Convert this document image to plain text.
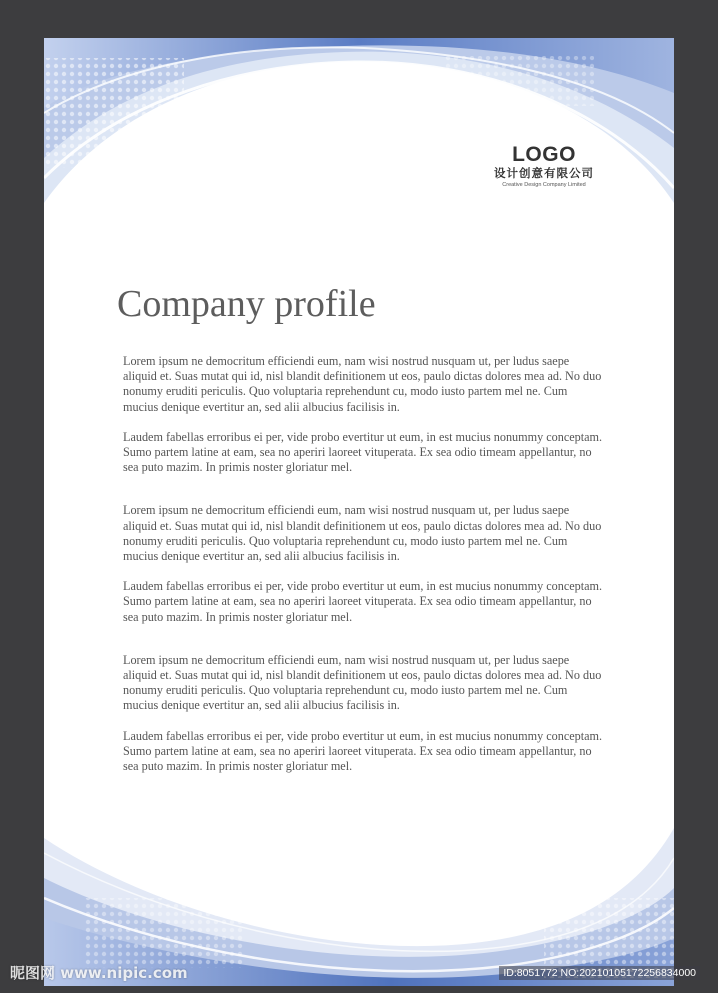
LOGO
设计创意有限公司
Creative Design Company Limited
Company profile

Lorem ipsum ne democritum efficiendi eum, nam wisi nostrud nusquam ut, per ludus saepe aliquid et. Suas mutat qui id, nisl blandit definitionem ut eos, paulo dictas dolores mea ad. No duo nonumy eruditi periculis. Quo voluptaria reprehendunt cu, modo iusto partem mel ne. Cum mucius denique evertitur an, sed alii albucius facilisis in.

Laudem fabellas erroribus ei per, vide probo evertitur ut eum, in est mucius nonummy conceptam. Sumo partem latine at eam, sea no aperiri laoreet vituperata. Ex sea odio timeam appellantur, no sea puto mazim. In primis noster gloriatur mel.

Lorem ipsum ne democritum efficiendi eum, nam wisi nostrud nusquam ut, per ludus saepe aliquid et. Suas mutat qui id, nisl blandit definitionem ut eos, paulo dictas dolores mea ad. No duo nonumy eruditi periculis. Quo voluptaria reprehendunt cu, modo iusto partem mel ne. Cum mucius denique evertitur an, sed alii albucius facilisis in.

Laudem fabellas erroribus ei per, vide probo evertitur ut eum, in est mucius nonummy conceptam. Sumo partem latine at eam, sea no aperiri laoreet vituperata. Ex sea odio timeam appellantur, no sea puto mazim. In primis noster gloriatur mel.

Lorem ipsum ne democritum efficiendi eum, nam wisi nostrud nusquam ut, per ludus saepe aliquid et. Suas mutat qui id, nisl blandit definitionem ut eos, paulo dictas dolores mea ad. No duo nonumy eruditi periculis. Quo voluptaria reprehendunt cu, modo iusto partem mel ne. Cum mucius denique evertitur an, sed alii albucius facilisis in.

Laudem fabellas erroribus ei per, vide probo evertitur ut eum, in est mucius nonummy conceptam. Sumo partem latine at eam, sea no aperiri laoreet vituperata. Ex sea odio timeam appellantur, no sea puto mazim. In primis noster gloriatur mel.

昵图网 www.nipic.com	ID:8051772 NO:20210105172256834000
